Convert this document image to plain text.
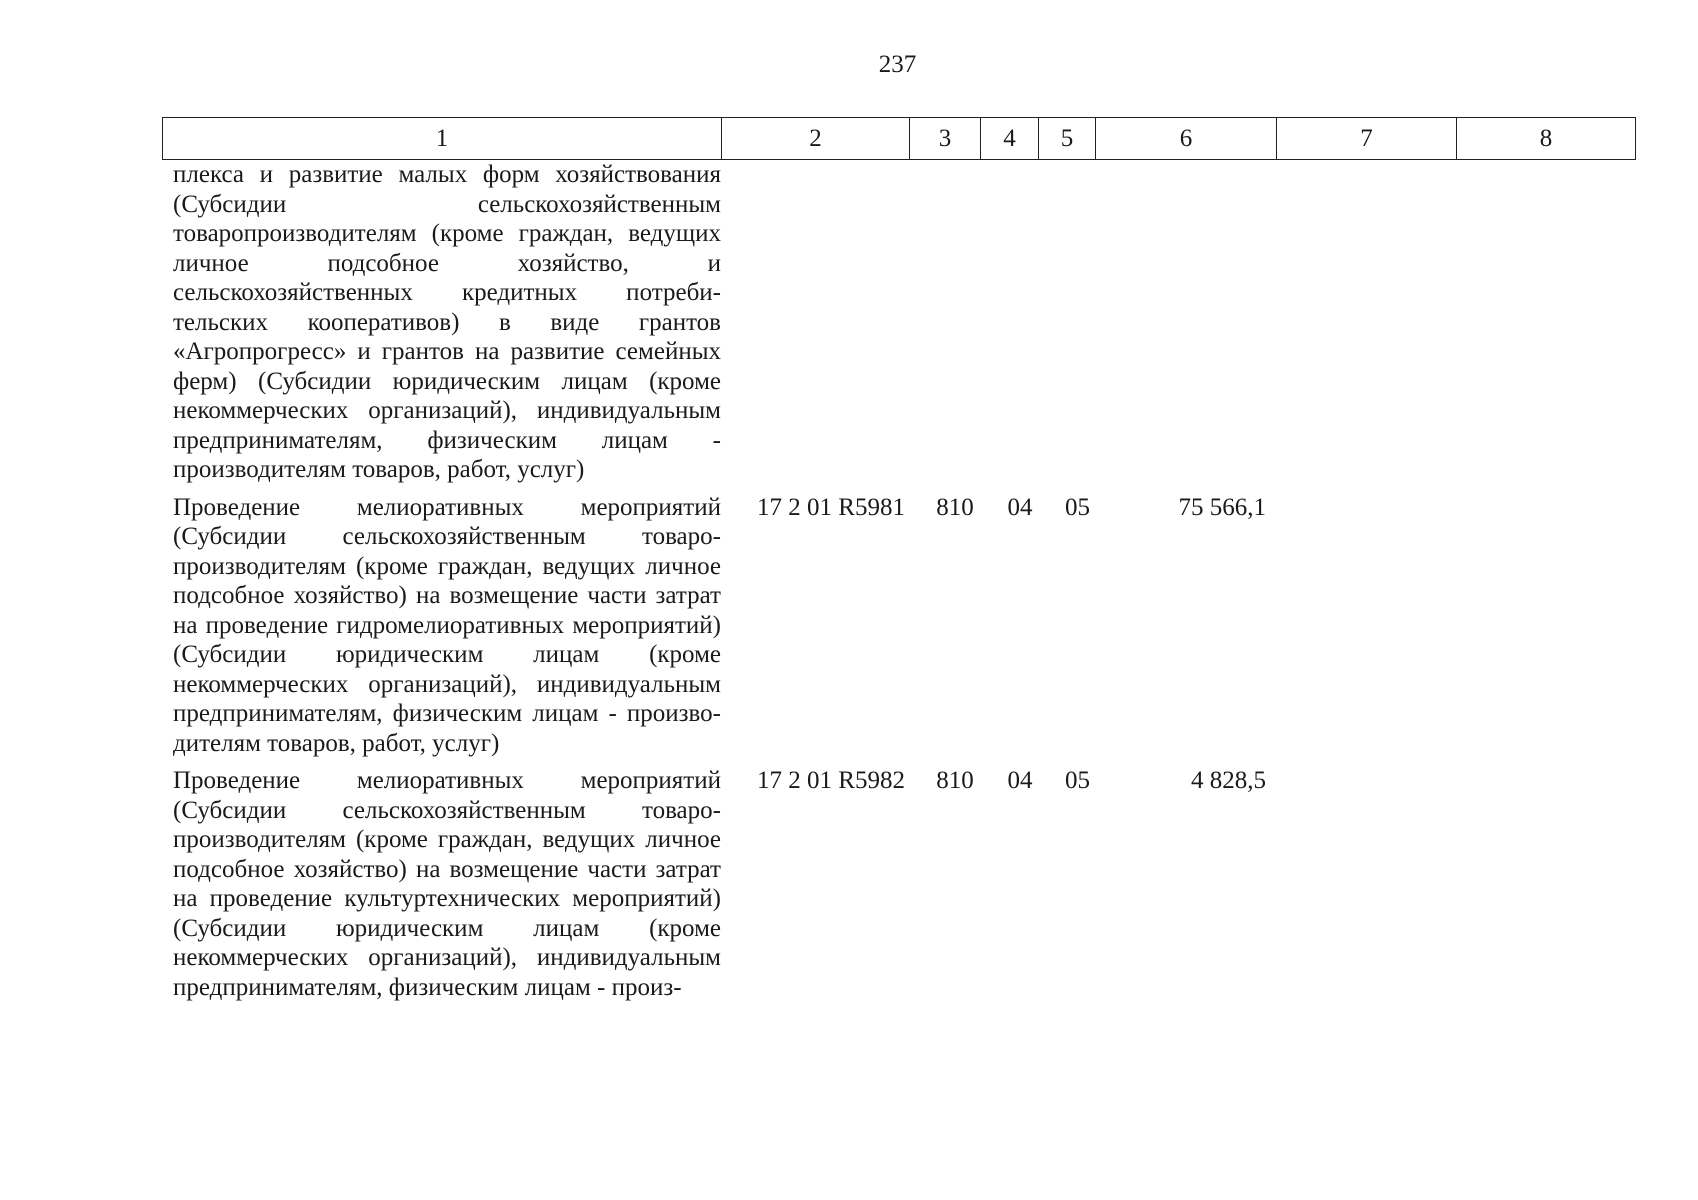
237
1	2	3	4	5	6	7	8
плекса и развитие малых форм хозяйствования (Субсидии сельскохозяйственным товаропроизводителям (кроме граждан, ведущих личное подсобное хозяйство, и сельскохозяйственных кредитных потребительских кооперативов) в виде грантов «Агропрогресс» и грантов на развитие семейных ферм) (Субсидии юридическим лицам (кроме некоммерческих организаций), индивидуальным предпринимателям, физическим лицам - производителям товаров, работ, услуг)
Проведение мелиоративных мероприятий (Субсидии сельскохозяйственным товаропроизводителям (кроме граждан, ведущих личное подсобное хозяйство) на возмещение части затрат на проведение гидромелиоративных мероприятий) (Субсидии юридическим лицам (кроме некоммерческих организаций), индивидуальным предпринимателям, физическим лицам - производителям товаров, работ, услуг)
17 2 01 R5981	810	04	05	75 566,1
Проведение мелиоративных мероприятий (Субсидии сельскохозяйственным товаропроизводителям (кроме граждан, ведущих личное подсобное хозяйство) на возмещение части затрат на проведение культуртехнических мероприятий) (Субсидии юридическим лицам (кроме некоммерческих организаций), индивидуальным предпринимателям, физическим лицам - произ-
17 2 01 R5982	810	04	05	4 828,5
